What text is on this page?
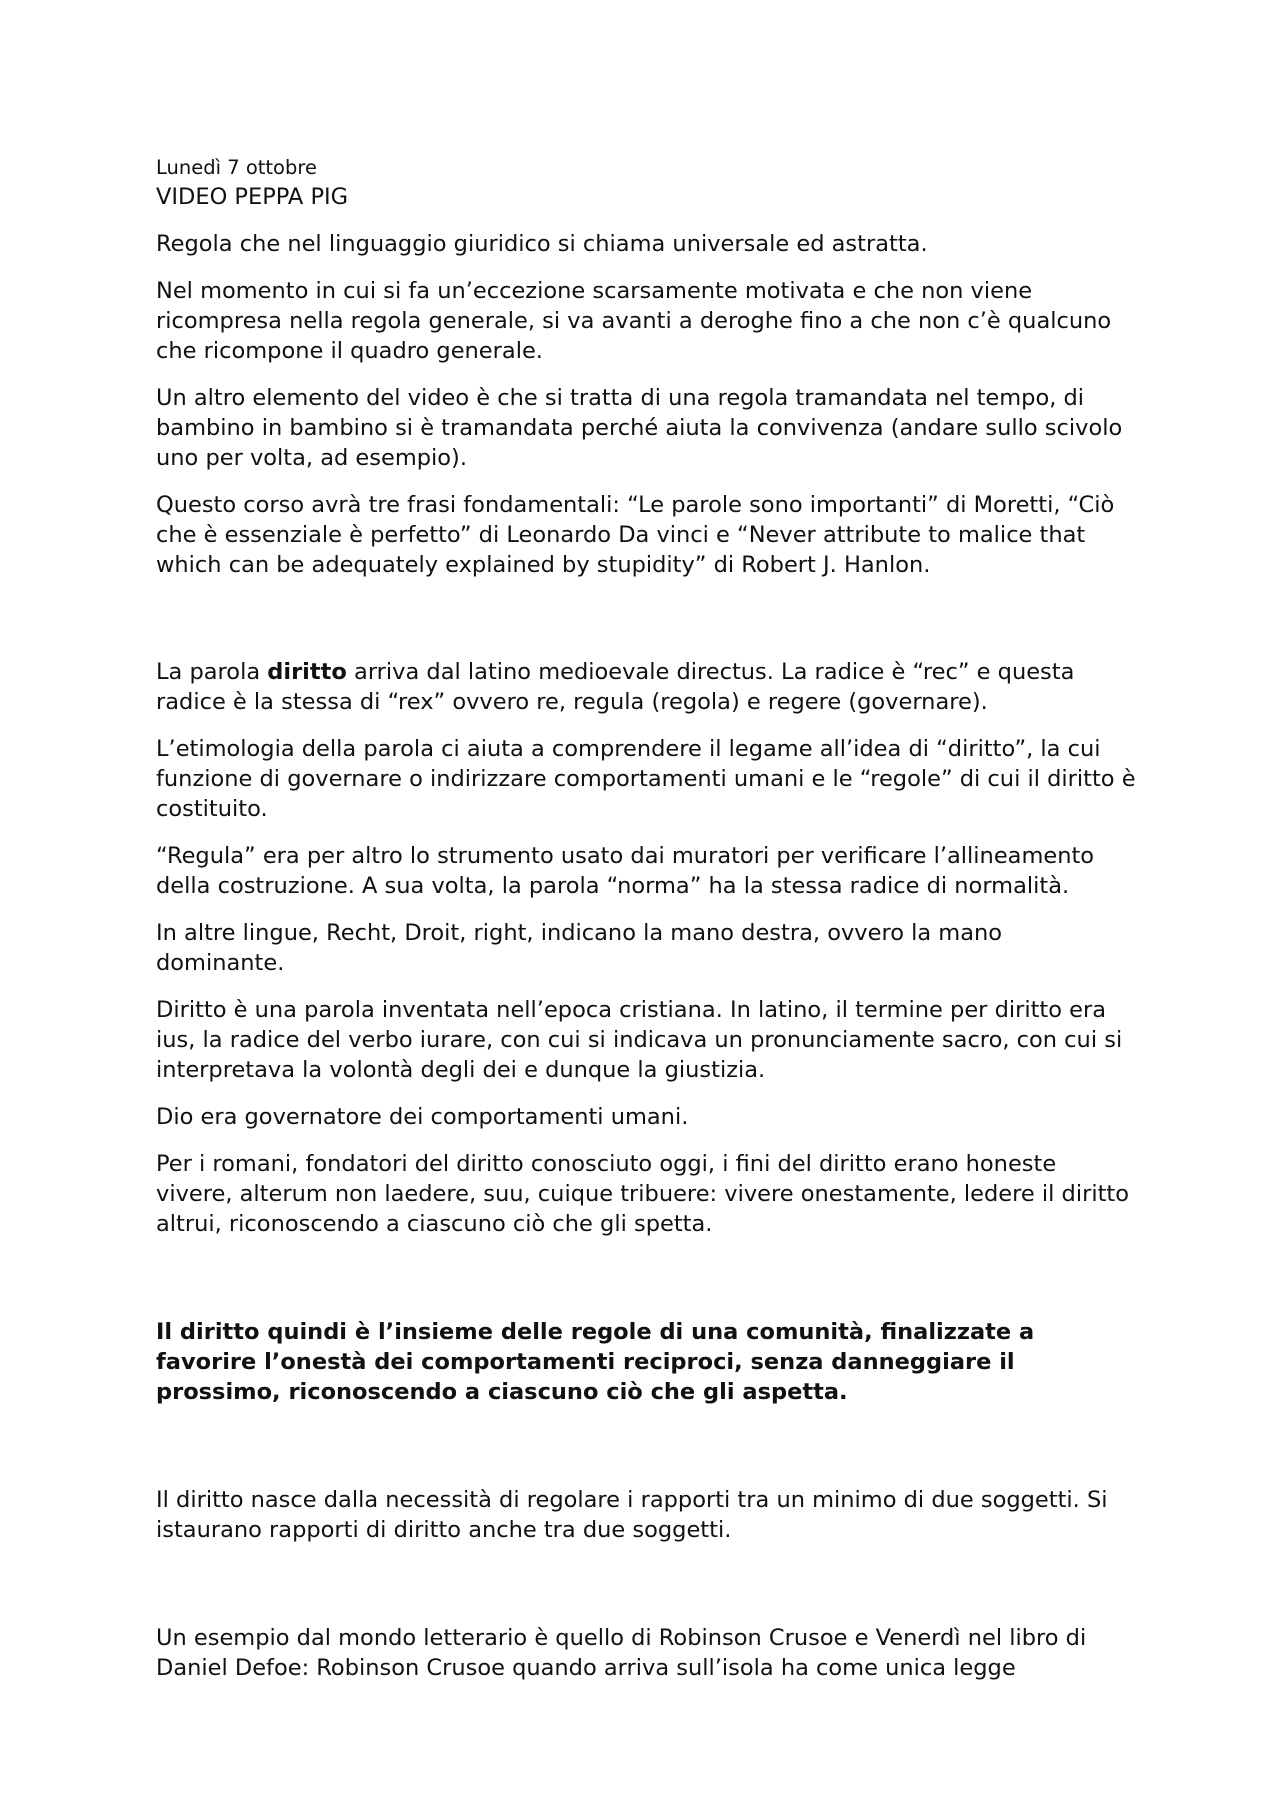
Lunedì 7 ottobre

VIDEO PEPPA PIG

Regola che nel linguaggio giuridico si chiama universale ed astratta.

Nel momento in cui si fa un’eccezione scarsamente motivata e che non viene ricompresa nella regola generale, si va avanti a deroghe fino a che non c’è qualcuno che ricompone il quadro generale.

Un altro elemento del video è che si tratta di una regola tramandata nel tempo, di bambino in bambino si è tramandata perché aiuta la convivenza (andare sullo scivolo uno per volta, ad esempio).

Questo corso avrà tre frasi fondamentali: “Le parole sono importanti” di Moretti, “Ciò che è essenziale è perfetto” di Leonardo Da vinci e “Never attribute to malice that which can be adequately explained by stupidity” di Robert J. Hanlon.

La parola diritto arriva dal latino medioevale directus. La radice è “rec” e questa radice è la stessa di “rex” ovvero re, regula (regola) e regere (governare).

L’etimologia della parola ci aiuta a comprendere il legame all’idea di “diritto”, la cui funzione di governare o indirizzare comportamenti umani e le “regole” di cui il diritto è costituito.

“Regula” era per altro lo strumento usato dai muratori per verificare l’allineamento della costruzione. A sua volta, la parola “norma” ha la stessa radice di normalità.

In altre lingue, Recht, Droit, right, indicano la mano destra, ovvero la mano dominante.

Diritto è una parola inventata nell’epoca cristiana. In latino, il termine per diritto era ius, la radice del verbo iurare, con cui si indicava un pronunciamente sacro, con cui si interpretava la volontà degli dei e dunque la giustizia.

Dio era governatore dei comportamenti umani.

Per i romani, fondatori del diritto conosciuto oggi, i fini del diritto erano honeste vivere, alterum non laedere, suu, cuique tribuere: vivere onestamente, ledere il diritto altrui, riconoscendo a ciascuno ciò che gli spetta.

Il diritto quindi è l’insieme delle regole di una comunità, finalizzate a favorire l’onestà dei comportamenti reciproci, senza danneggiare il prossimo, riconoscendo a ciascuno ciò che gli aspetta.

Il diritto nasce dalla necessità di regolare i rapporti tra un minimo di due soggetti. Si istaurano rapporti di diritto anche tra due soggetti.

Un esempio dal mondo letterario è quello di Robinson Crusoe e Venerdì nel libro di Daniel Defoe: Robinson Crusoe quando arriva sull’isola ha come unica legge
